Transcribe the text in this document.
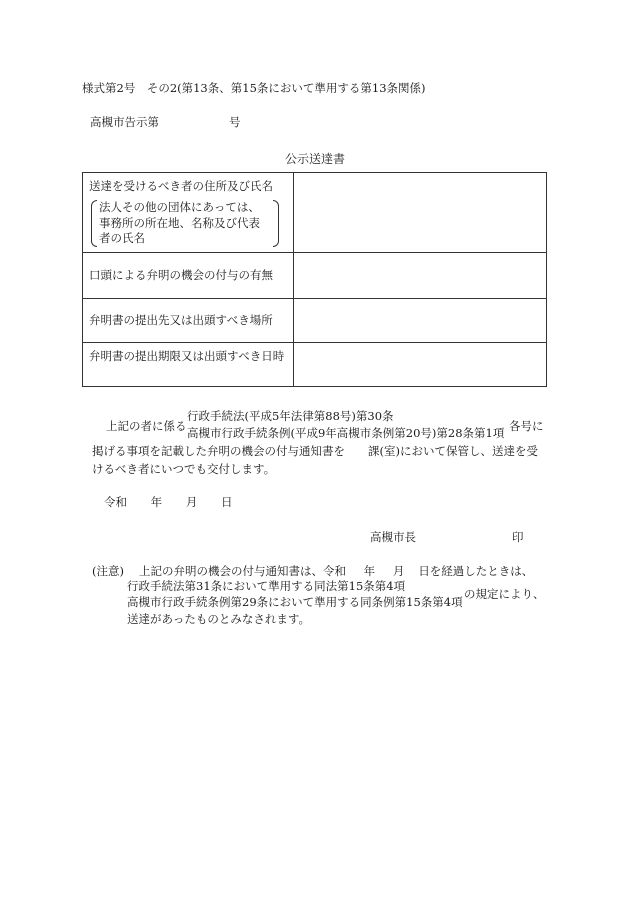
様式第2号　その2(第13条、第15条において準用する第13条関係)
高槻市告示第	号
公示送達書
送達を受けるべき者の住所及び氏名
法人その他の団体にあっては、事務所の所在地、名称及び代表者の氏名	

口頭による弁明の機会の付与の有無	
弁明書の提出先又は出頭すべき場所	
弁明書の提出期限又は出頭すべき日時	
上記の者に係る
行政手続法(平成5年法律第88号)第30条
高槻市行政手続条例(平成9年高槻市条例第20号)第28条第1項 各号に
掲げる事項を記載した弁明の機会の付与通知書を　　課(室)において保管し、送達を受
けるべき者にいつでも交付します。
令和 年 月 日
高槻市長	印
(注意) 上記の弁明の機会の付与通知書は、令和 年 月 日を経過したときは、
行政手続法第31条において準用する同法第15条第4項
高槻市行政手続条例第29条において準用する同条例第15条第4項
の規定により、
送達があったものとみなされます。
